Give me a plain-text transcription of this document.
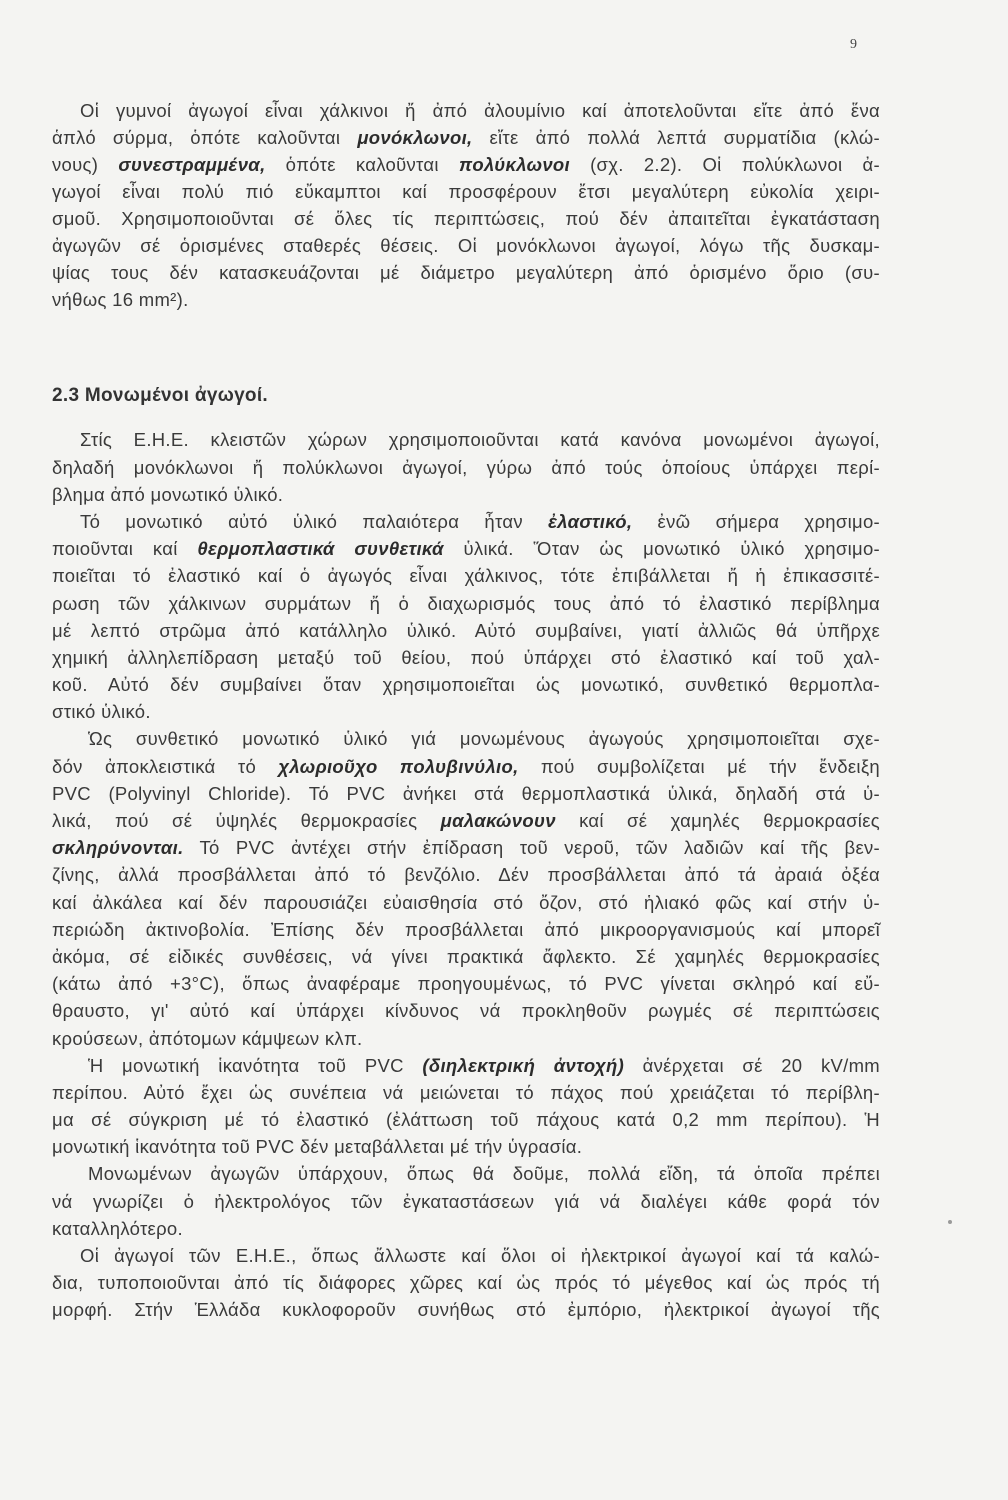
9
Οἱ γυμνοί ἀγωγοί εἶναι χάλκινοι ἤ ἀπό ἀλουμίνιο καί ἀποτελοῦνται εἴτε ἀπό ἕνα
ἁπλό σύρμα, ὁπότε καλοῦνται μονόκλωνοι, εἴτε ἀπό πολλά λεπτά συρματίδια (κλώ-
νους) συνεστραμμένα, ὁπότε καλοῦνται πολύκλωνοι (σχ. 2.2). Οἱ πολύκλωνοι ἀ-
γωγοί εἶναι πολύ πιό εὔκαμπτοι καί προσφέρουν ἔτσι μεγαλύτερη εὐκολία χειρι-
σμοῦ. Χρησιμοποιοῦνται σέ ὅλες τίς περιπτώσεις, πού δέν ἀπαιτεῖται ἐγκατάσταση
ἀγωγῶν σέ ὁρισμένες σταθερές θέσεις. Οἱ μονόκλωνοι ἀγωγοί, λόγω τῆς δυσκαμ-
ψίας τους δέν κατασκευάζονται μέ διάμετρο μεγαλύτερη ἀπό ὁρισμένο ὅριο (συ-
νήθως 16 mm²).
2.3 Μονωμένοι ἀγωγοί.
Στίς Ε.Η.Ε. κλειστῶν χώρων χρησιμοποιοῦνται κατά κανόνα μονωμένοι ἀγωγοί,
δηλαδή μονόκλωνοι ἤ πολύκλωνοι ἀγωγοί, γύρω ἀπό τούς ὁποίους ὑπάρχει περί-
βλημα ἀπό μονωτικό ὑλικό.
Τό μονωτικό αὐτό ὑλικό παλαιότερα ἦταν ἐλαστικό, ἐνῶ σήμερα χρησιμο-
ποιοῦνται καί θερμοπλαστικά συνθετικά ὑλικά. Ὅταν ὡς μονωτικό ὑλικό χρησιμο-
ποιεῖται τό ἐλαστικό καί ὁ ἀγωγός εἶναι χάλκινος, τότε ἐπιβάλλεται ἤ ἡ ἐπικασσιτέ-
ρωση τῶν χάλκινων συρμάτων ἤ ὁ διαχωρισμός τους ἀπό τό ἐλαστικό περίβλημα
μέ λεπτό στρῶμα ἀπό κατάλληλο ὑλικό. Αὐτό συμβαίνει, γιατί ἀλλιῶς θά ὑπῆρχε
χημική ἀλληλεπίδραση μεταξύ τοῦ θείου, πού ὑπάρχει στό ἐλαστικό καί τοῦ χαλ-
κοῦ. Αὐτό δέν συμβαίνει ὅταν χρησιμοποιεῖται ὡς μονωτικό, συνθετικό θερμοπλα-
στικό ὑλικό.
Ὡς συνθετικό μονωτικό ὑλικό γιά μονωμένους ἀγωγούς χρησιμοποιεῖται σχε-
δόν ἀποκλειστικά τό χλωριοῦχο πολυβινύλιο, πού συμβολίζεται μέ τήν ἔνδειξη
PVC (Polyvinyl Chloride). Τό PVC ἀνήκει στά θερμοπλαστικά ὑλικά, δηλαδή στά ὑ-
λικά, πού σέ ὑψηλές θερμοκρασίες μαλακώνουν καί σέ χαμηλές θερμοκρασίες
σκληρύνονται. Τό PVC ἀντέχει στήν ἐπίδραση τοῦ νεροῦ, τῶν λαδιῶν καί τῆς βεν-
ζίνης, ἀλλά προσβάλλεται ἀπό τό βενζόλιο. Δέν προσβάλλεται ἀπό τά ἀραιά ὀξέα
καί ἀλκάλεα καί δέν παρουσιάζει εὐαισθησία στό ὄζον, στό ἡλιακό φῶς καί στήν ὑ-
περιώδη ἀκτινοβολία. Ἐπίσης δέν προσβάλλεται ἀπό μικροοργανισμούς καί μπορεῖ
ἀκόμα, σέ εἰδικές συνθέσεις, νά γίνει πρακτικά ἄφλεκτο. Σέ χαμηλές θερμοκρασίες
(κάτω ἀπό +3°C), ὅπως ἀναφέραμε προηγουμένως, τό PVC γίνεται σκληρό καί εὔ-
θραυστο, γι' αὐτό καί ὑπάρχει κίνδυνος νά προκληθοῦν ρωγμές σέ περιπτώσεις
κρούσεων, ἀπότομων κάμψεων κλπ.
Ἡ μονωτική ἱκανότητα τοῦ PVC (διηλεκτρική ἀντοχή) ἀνέρχεται σέ 20 kV/mm
περίπου. Αὐτό ἔχει ὡς συνέπεια νά μειώνεται τό πάχος πού χρειάζεται τό περίβλη-
μα σέ σύγκριση μέ τό ἐλαστικό (ἐλάττωση τοῦ πάχους κατά 0,2 mm περίπου). Ἡ
μονωτική ἱκανότητα τοῦ PVC δέν μεταβάλλεται μέ τήν ὑγρασία.
Μονωμένων ἀγωγῶν ὑπάρχουν, ὅπως θά δοῦμε, πολλά εἴδη, τά ὁποῖα πρέπει
νά γνωρίζει ὁ ἠλεκτρολόγος τῶν ἐγκαταστάσεων γιά νά διαλέγει κάθε φορά τόν
καταλληλότερο.
Οἱ ἀγωγοί τῶν Ε.Η.Ε., ὅπως ἄλλωστε καί ὅλοι οἱ ἠλεκτρικοί ἀγωγοί καί τά καλώ-
δια, τυποποιοῦνται ἀπό τίς διάφορες χῶρες καί ὡς πρός τό μέγεθος καί ὡς πρός τή
μορφή. Στήν Ἑλλάδα κυκλοφοροῦν συνήθως στό ἐμπόριο, ἠλεκτρικοί ἀγωγοί τῆς
